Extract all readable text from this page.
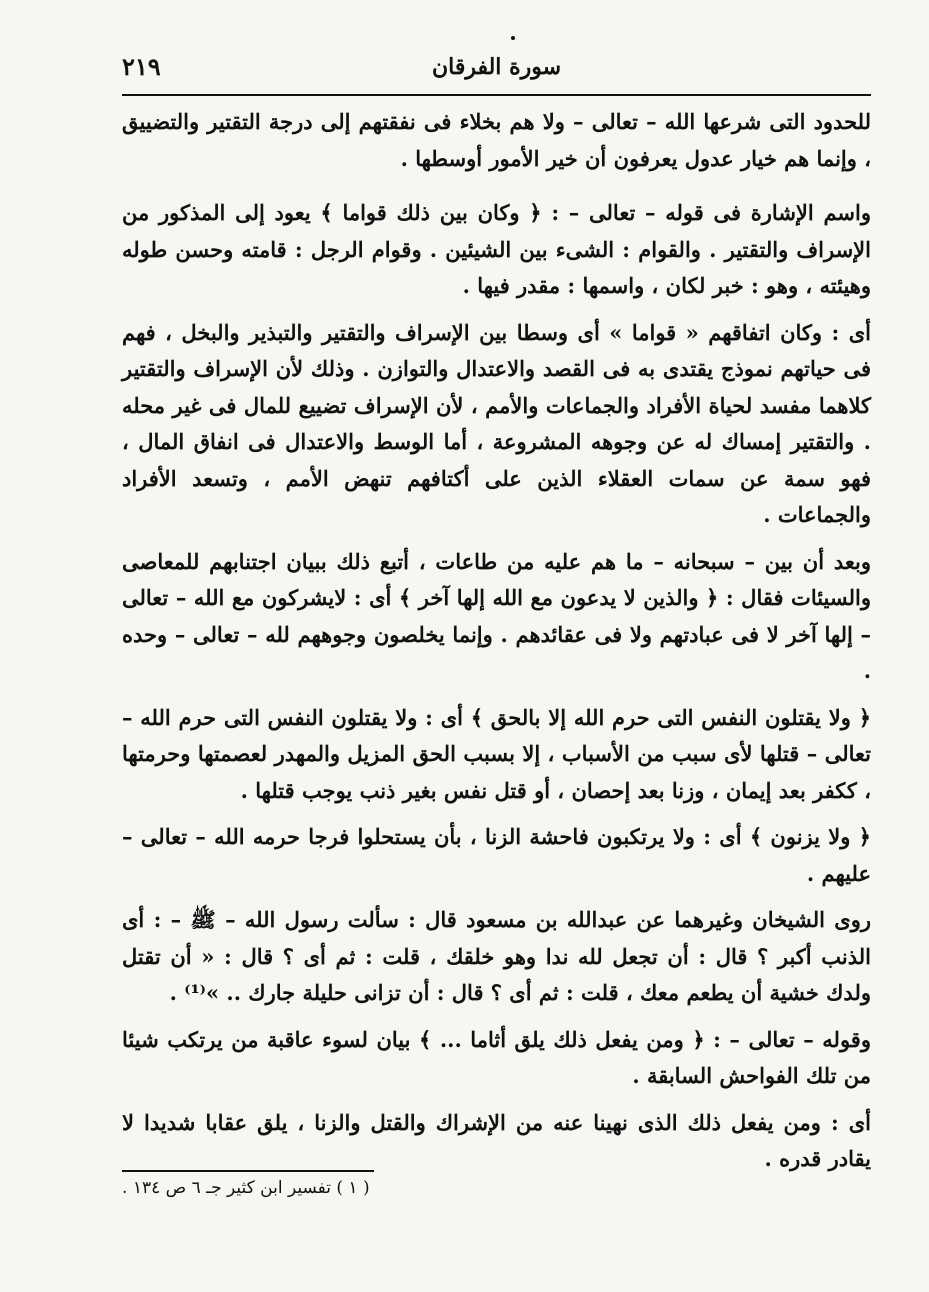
٢١٩	سورة الفرقان

للحدود التى شرعها الله – تعالى – ولا هم بخلاء فى نفقتهم إلى درجة التقتير والتضييق ، وإنما هم خيار عدول يعرفون أن خير الأمور أوسطها .

واسم الإشارة فى قوله – تعالى – : ﴿ وكان بين ذلك قواما ﴾ يعود إلى المذكور من الإسراف والتقتير . والقوام : الشىء بين الشيئين . وقوام الرجل : قامته وحسن طوله وهيئته ، وهو : خبر لكان ، واسمها : مقدر فيها .

أى : وكان اتفاقهم « قواما » أى وسطا بين الإسراف والتقتير والتبذير والبخل ، فهم فى حياتهم نموذج يقتدى به فى القصد والاعتدال والتوازن . وذلك لأن الإسراف والتقتير كلاهما مفسد لحياة الأفراد والجماعات والأمم ، لأن الإسراف تضييع للمال فى غير محله . والتقتير إمساك له عن وجوهه المشروعة ، أما الوسط والاعتدال فى انفاق المال ، فهو سمة عن سمات العقلاء الذين على أكتافهم تنهض الأمم ، وتسعد الأفراد والجماعات .

وبعد أن بين – سبحانه – ما هم عليه من طاعات ، أتبع ذلك ببيان اجتنابهم للمعاصى والسيئات فقال : ﴿ والذين لا يدعون مع الله إلها آخر ﴾ أى : لايشركون مع الله – تعالى – إلها آخر لا فى عبادتهم ولا فى عقائدهم . وإنما يخلصون وجوههم لله – تعالى – وحده .

﴿ ولا يقتلون النفس التى حرم الله إلا بالحق ﴾ أى : ولا يقتلون النفس التى حرم الله – تعالى – قتلها لأى سبب من الأسباب ، إلا بسبب الحق المزيل والمهدر لعصمتها وحرمتها ، ككفر بعد إيمان ، وزنا بعد إحصان ، أو قتل نفس بغير ذنب يوجب قتلها .

﴿ ولا يزنون ﴾ أى : ولا يرتكبون فاحشة الزنا ، بأن يستحلوا فرجا حرمه الله – تعالى – عليهم .

روى الشيخان وغيرهما عن عبدالله بن مسعود قال : سألت رسول الله – ﷺ – : أى الذنب أكبر ؟ قال : أن تجعل لله ندا وهو خلقك ، قلت : ثم أى ؟ قال : « أن تقتل ولدك خشية أن يطعم معك ، قلت : ثم أى ؟ قال : أن تزانى حليلة جارك .. »⁽¹⁾ .

وقوله – تعالى – : ﴿ ومن يفعل ذلك يلق أثاما ... ﴾ بيان لسوء عاقبة من يرتكب شيئا من تلك الفواحش السابقة .

أى : ومن يفعل ذلك الذى نهينا عنه من الإشراك والقتل والزنا ، يلق عقابا شديدا لا يقادر قدره .

( ١ ) تفسير ابن كثير جـ ٦ ص ١٣٤ .
